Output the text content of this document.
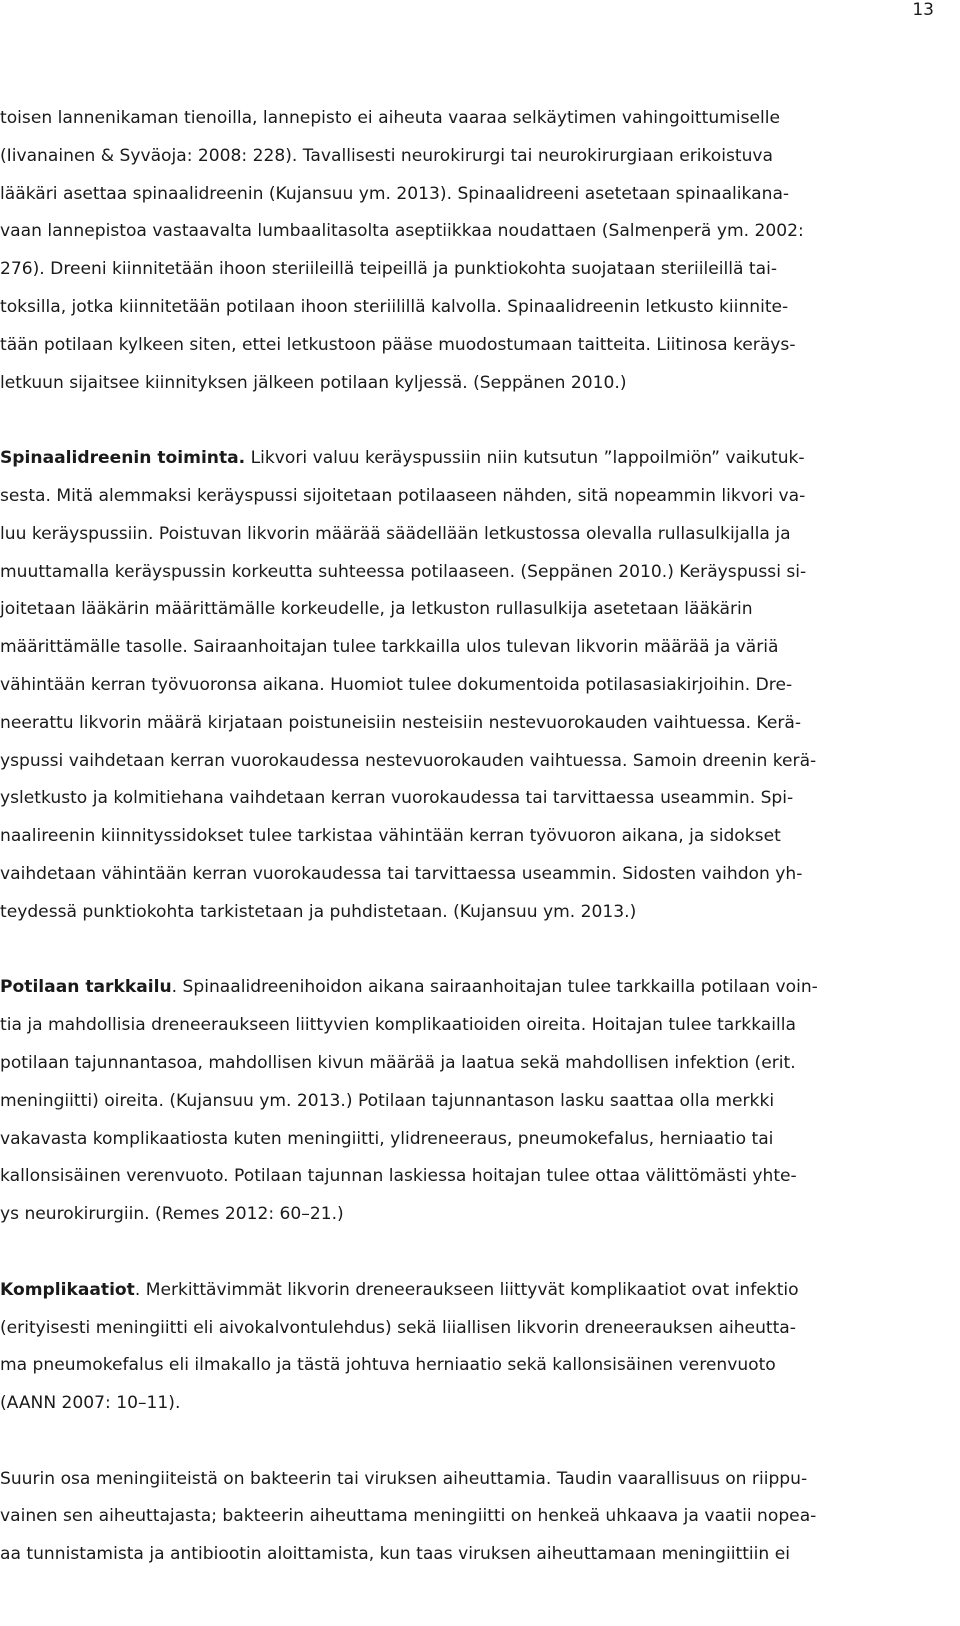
13
toisen lannenikaman tienoilla, lannepisto ei aiheuta vaaraa selkäytimen vahingoittumiselle
(Iivanainen & Syväoja: 2008: 228). Tavallisesti neurokirurgi tai neurokirurgiaan erikoistuva
lääkäri asettaa spinaalidreenin (Kujansuu ym. 2013). Spinaalidreeni asetetaan spinaalikana-
vaan lannepistoa vastaavalta lumbaalitasolta aseptiikkaa noudattaen (Salmenperä ym. 2002:
276). Dreeni kiinnitetään ihoon steriileillä teipeillä ja punktiokohta suojataan steriileillä tai-
toksilla, jotka kiinnitetään potilaan ihoon steriilillä kalvolla. Spinaalidreenin letkusto kiinnite-
tään potilaan kylkeen siten, ettei letkustoon pääse muodostumaan taitteita. Liitinosa keräys-
letkuun sijaitsee kiinnityksen jälkeen potilaan kyljessä. (Seppänen 2010.)
Spinaalidreenin toiminta. Likvori valuu keräyspussiin niin kutsutun ”lappoilmiön” vaikutuk-
sesta. Mitä alemmaksi keräyspussi sijoitetaan potilaaseen nähden, sitä nopeammin likvori va-
luu keräyspussiin. Poistuvan likvorin määrää säädellään letkustossa olevalla rullasulkijalla ja
muuttamalla keräyspussin korkeutta suhteessa potilaaseen. (Seppänen 2010.) Keräyspussi si-
joitetaan lääkärin määrittämälle korkeudelle, ja letkuston rullasulkija asetetaan lääkärin
määrittämälle tasolle. Sairaanhoitajan tulee tarkkailla ulos tulevan likvorin määrää ja väriä
vähintään kerran työvuoronsa aikana. Huomiot tulee dokumentoida potilasasiakirjoihin. Dre-
neerattu likvorin määrä kirjataan poistuneisiin nesteisiin nestevuorokauden vaihtuessa. Kerä-
yspussi vaihdetaan kerran vuorokaudessa nestevuorokauden vaihtuessa. Samoin dreenin kerä-
ysletkusto ja kolmitiehana vaihdetaan kerran vuorokaudessa tai tarvittaessa useammin. Spi-
naalireenin kiinnityssidokset tulee tarkistaa vähintään kerran työvuoron aikana, ja sidokset
vaihdetaan vähintään kerran vuorokaudessa tai tarvittaessa useammin. Sidosten vaihdon yh-
teydessä punktiokohta tarkistetaan ja puhdistetaan. (Kujansuu ym. 2013.)
Potilaan tarkkailu. Spinaalidreenihoidon aikana sairaanhoitajan tulee tarkkailla potilaan voin-
tia ja mahdollisia dreneeraukseen liittyvien komplikaatioiden oireita. Hoitajan tulee tarkkailla
potilaan tajunnantasoa, mahdollisen kivun määrää ja laatua sekä mahdollisen infektion (erit.
meningiitti) oireita. (Kujansuu ym. 2013.) Potilaan tajunnantason lasku saattaa olla merkki
vakavasta komplikaatiosta kuten meningiitti, ylidreneeraus, pneumokefalus, herniaatio tai
kallonsisäinen verenvuoto. Potilaan tajunnan laskiessa hoitajan tulee ottaa välittömästi yhte-
ys neurokirurgiin. (Remes 2012: 60–21.)
Komplikaatiot. Merkittävimmät likvorin dreneeraukseen liittyvät komplikaatiot ovat infektio
(erityisesti meningiitti eli aivokalvontulehdus) sekä liiallisen likvorin dreneerauksen aiheutta-
ma pneumokefalus eli ilmakallo ja tästä johtuva herniaatio sekä kallonsisäinen verenvuoto
(AANN 2007: 10–11).
Suurin osa meningiiteistä on bakteerin tai viruksen aiheuttamia. Taudin vaarallisuus on riippu-
vainen sen aiheuttajasta; bakteerin aiheuttama meningiitti on henkeä uhkaava ja vaatii nopea-
aa tunnistamista ja antibiootin aloittamista, kun taas viruksen aiheuttamaan meningiittiin ei
